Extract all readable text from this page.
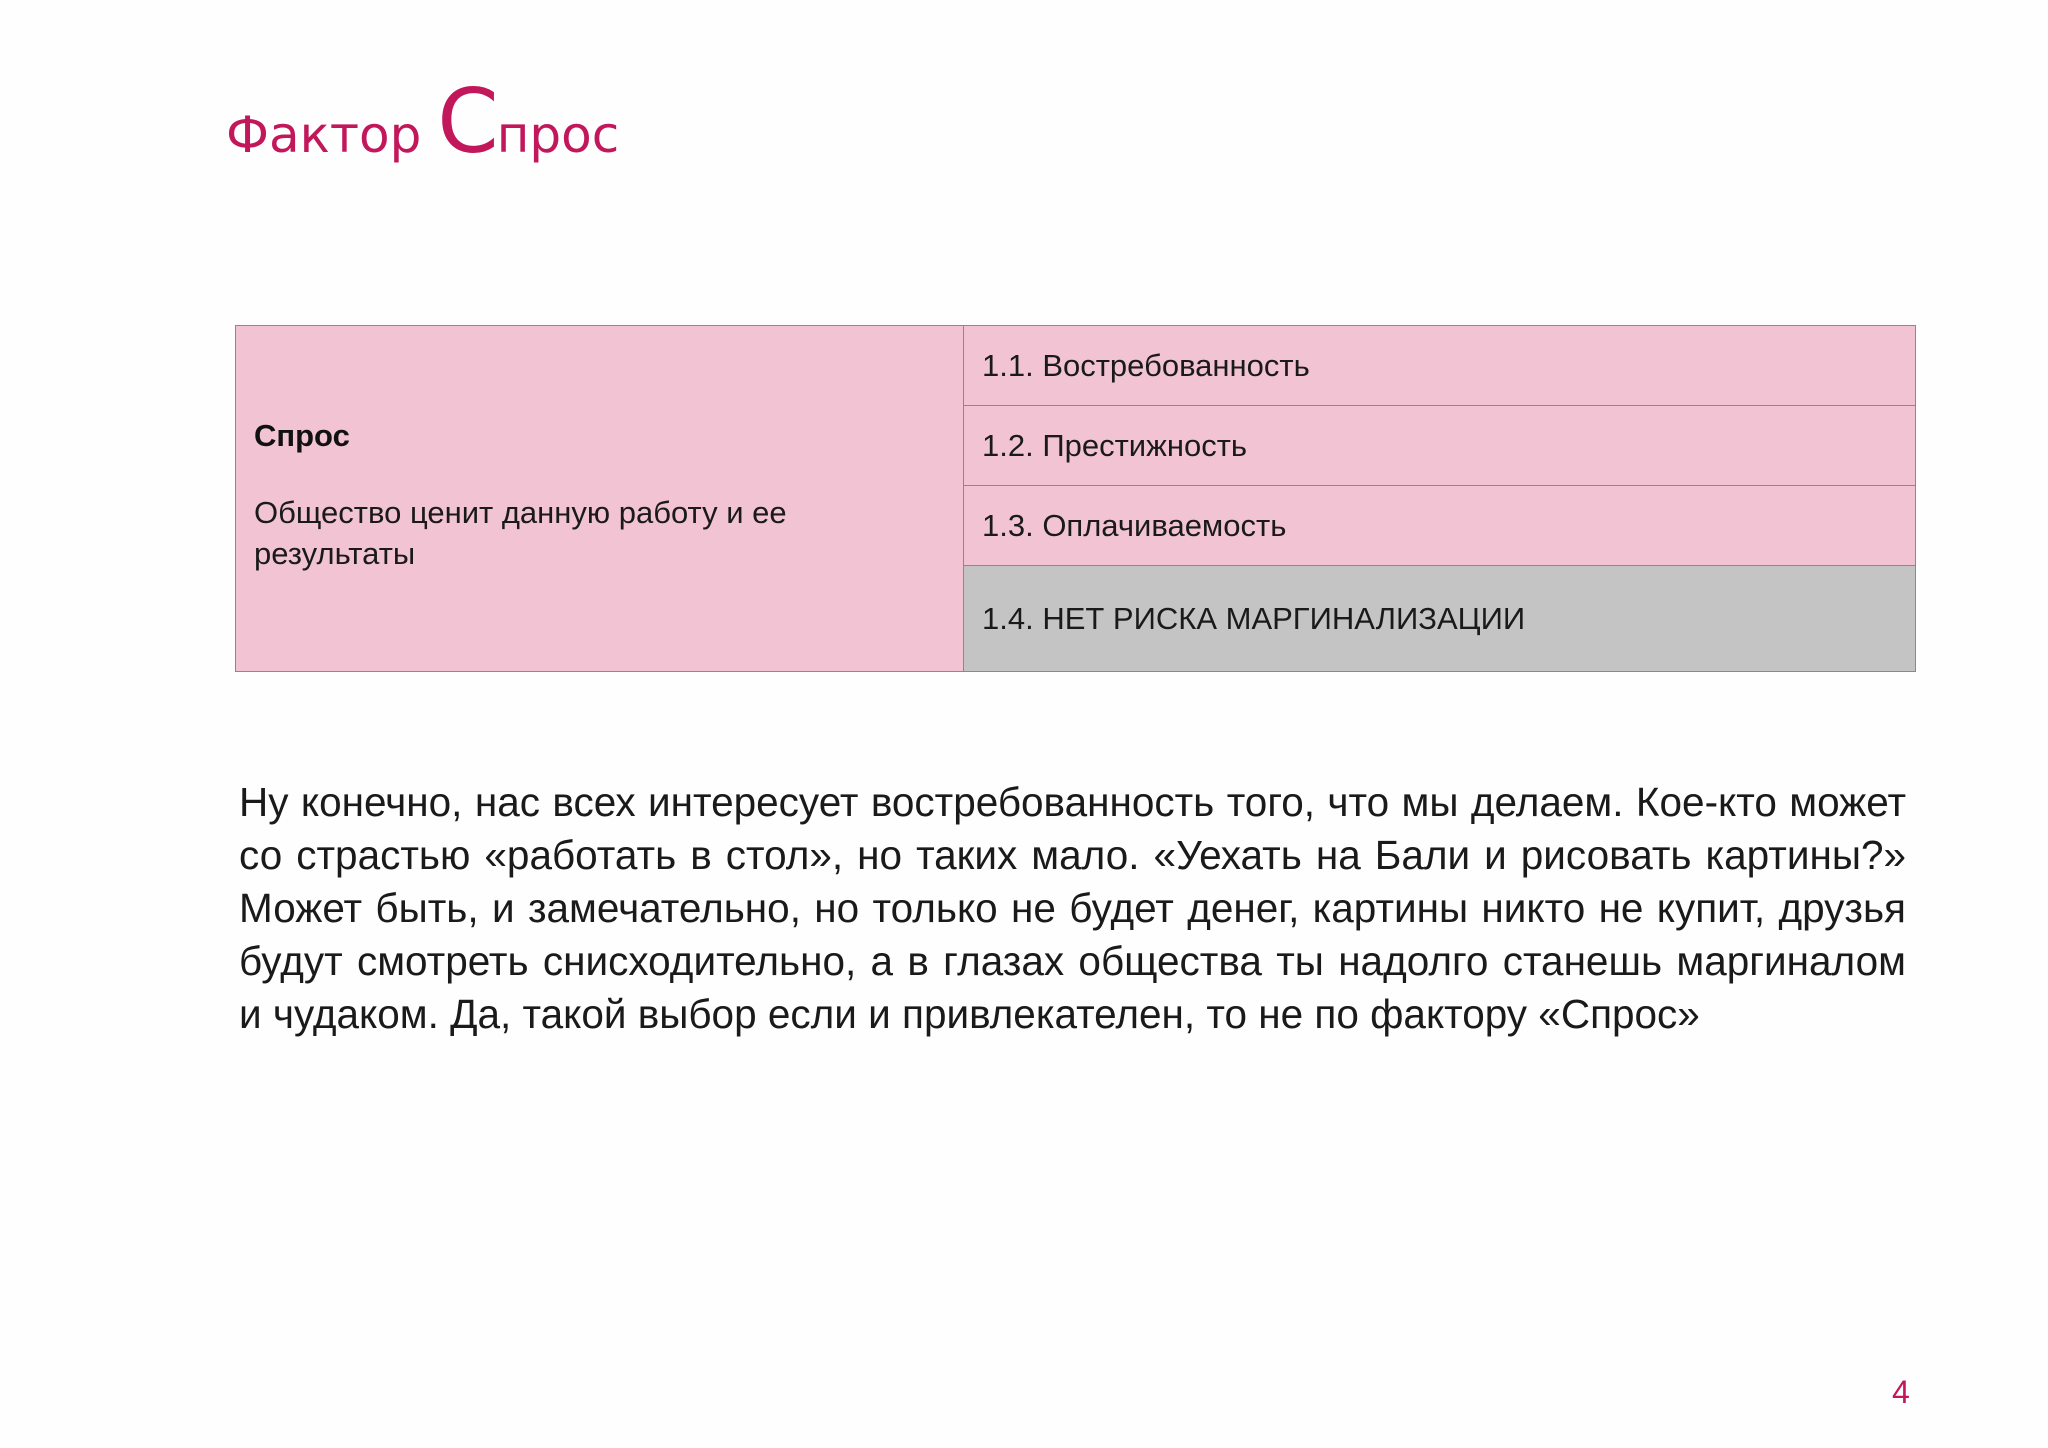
Фактор Спрос

Спрос

Общество ценит данную работу и ее результаты

1.1. Востребованность
1.2. Престижность
1.3. Оплачиваемость
1.4. НЕТ РИСКА МАРГИНАЛИЗАЦИИ

Ну конечно, нас всех интересует востребованность того, что мы делаем. Кое-кто может со страстью «работать в стол», но таких мало. «Уехать на Бали и рисовать картины?» Может быть, и замечательно, но только не будет денег, картины никто не купит, друзья будут смотреть снисходительно, а в глазах общества ты надолго станешь маргиналом и чудаком. Да, такой выбор если и привлекателен, то не по фактору «Спрос»

4
